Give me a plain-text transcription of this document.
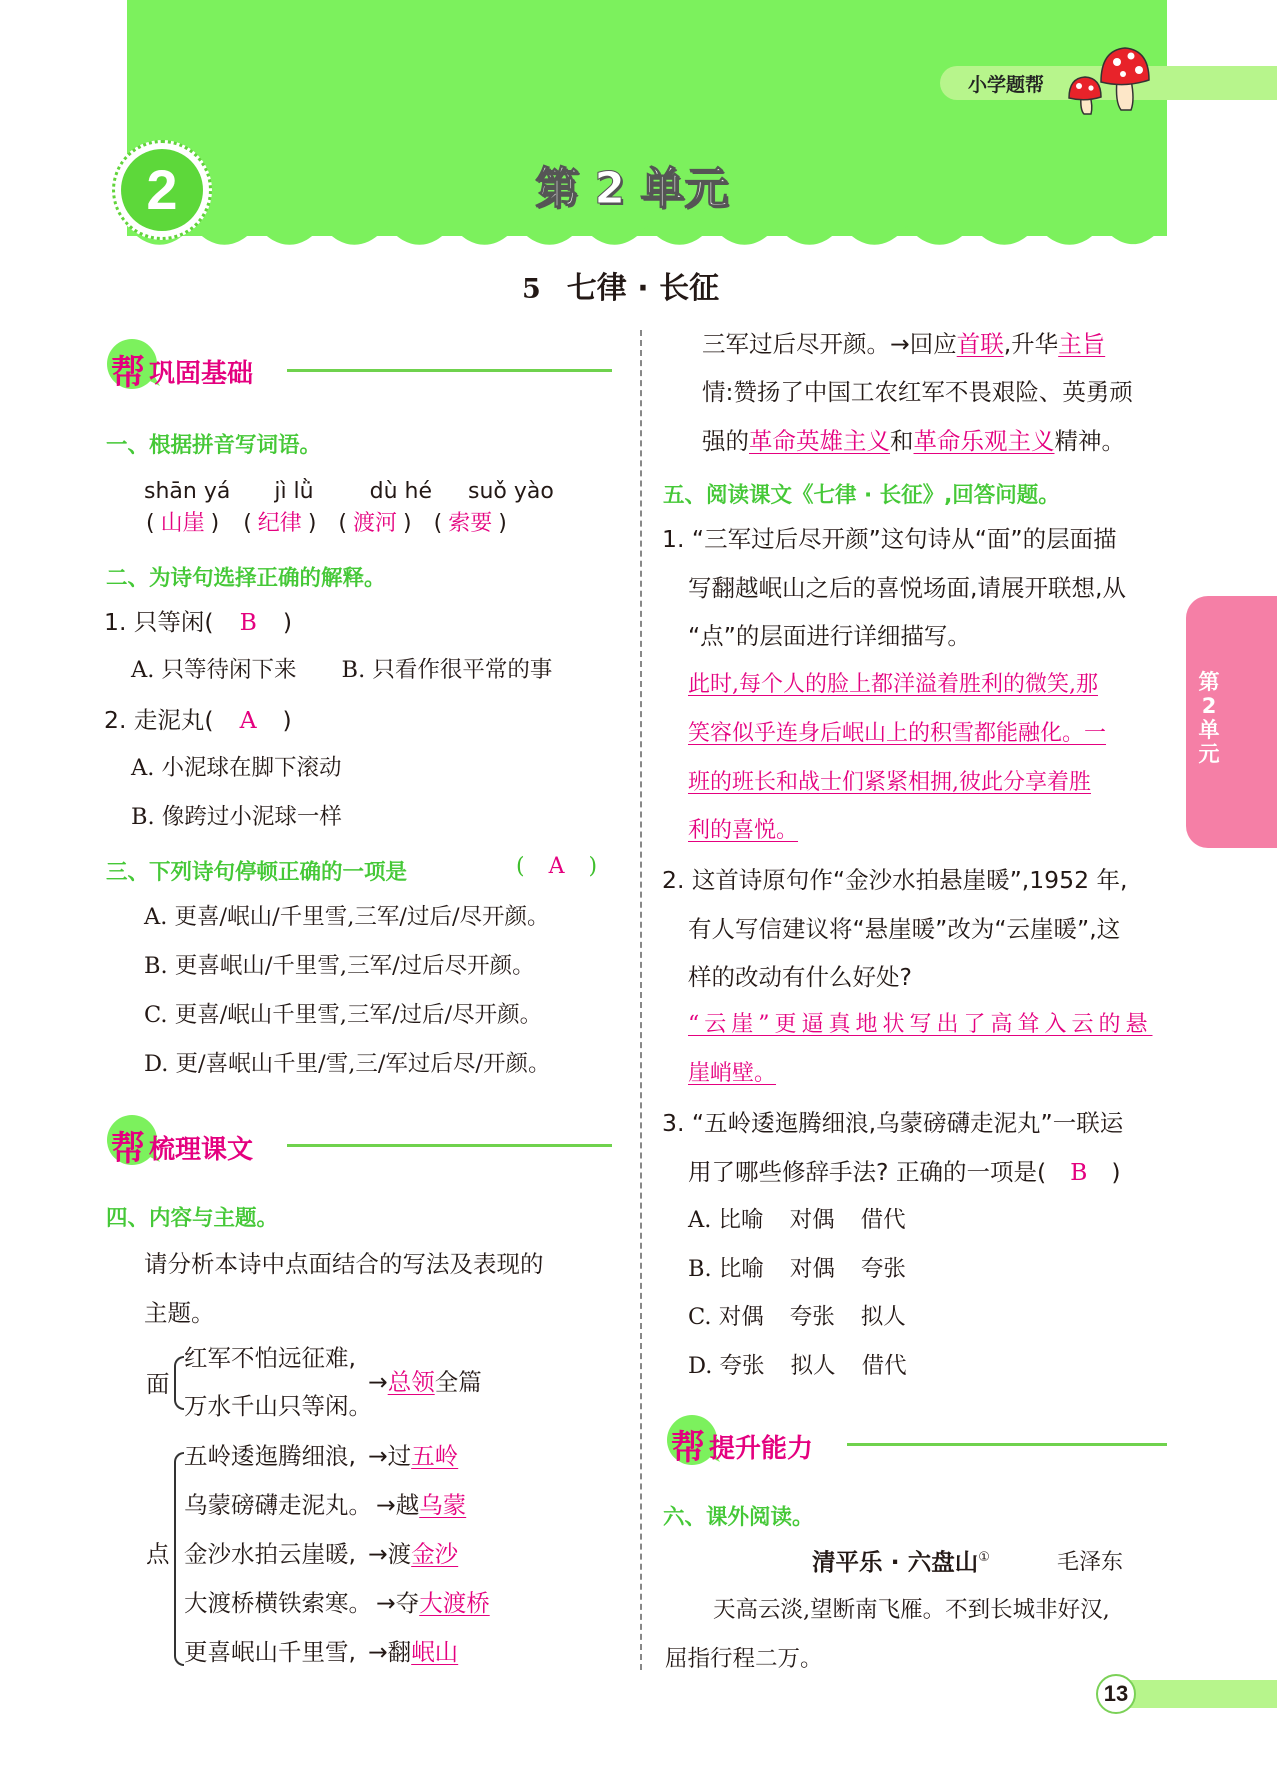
小学题帮
2	第 2 单元
5 七律 · 长征
第2单元
帮 巩固基础
一、根据拼音写词语。
shān yá jì lǜ	dù hé suǒ yào
( 山崖 ) ( 纪律 ) ( 渡河 ) ( 索要 )
二、为诗句选择正确的解释。
1. 只等闲( B )
A. 只等待闲下来　　B. 只看作很平常的事
2. 走泥丸( A )
A. 小泥球在脚下滚动
B. 像跨过小泥球一样
三、下列诗句停顿正确的一项是	( A )
A. 更喜/岷山/千里雪,三军/过后/尽开颜。
B. 更喜岷山/千里雪,三军/过后尽开颜。
C. 更喜/岷山千里雪,三军/过后/尽开颜。
D. 更/喜岷山千里/雪,三/军过后尽/开颜。
帮 梳理课文
四、内容与主题。
请分析本诗中点面结合的写法及表现的
主题。
面
红军不怕远征难,
万水千山只等闲。
→总领全篇
点
五岭逶迤腾细浪, →过五岭
乌蒙磅礴走泥丸。 →越乌蒙
金沙水拍云崖暖, →渡金沙
大渡桥横铁索寒。 →夺大渡桥
更喜岷山千里雪, →翻岷山
三军过后尽开颜。→回应首联,升华主旨
情:赞扬了中国工农红军不畏艰险、英勇顽
强的革命英雄主义和革命乐观主义精神。
五、阅读课文《七律 · 长征》,回答问题。
1. “三军过后尽开颜”这句诗从“面”的层面描
写翻越岷山之后的喜悦场面,请展开联想,从
“点”的层面进行详细描写。
此时,每个人的脸上都洋溢着胜利的微笑,那
笑容似乎连身后岷山上的积雪都能融化。一
班的班长和战士们紧紧相拥,彼此分享着胜
利的喜悦。
2. 这首诗原句作“金沙水拍悬崖暖”,1952 年,
有人写信建议将“悬崖暖”改为“云崖暖”,这
样的改动有什么好处?
“云崖”更逼真地状写出了高耸入云的悬
崖峭壁。
3. “五岭逶迤腾细浪,乌蒙磅礴走泥丸”一联运
用了哪些修辞手法? 正确的一项是( B )
A. 比喻 对偶 借代
B. 比喻 对偶 夸张
C. 对偶 夸张 拟人
D. 夸张 拟人 借代
帮 提升能力
六、课外阅读。
清平乐 · 六盘山①	毛泽东
天高云淡,望断南飞雁。不到长城非好汉,
屈指行程二万。
13
